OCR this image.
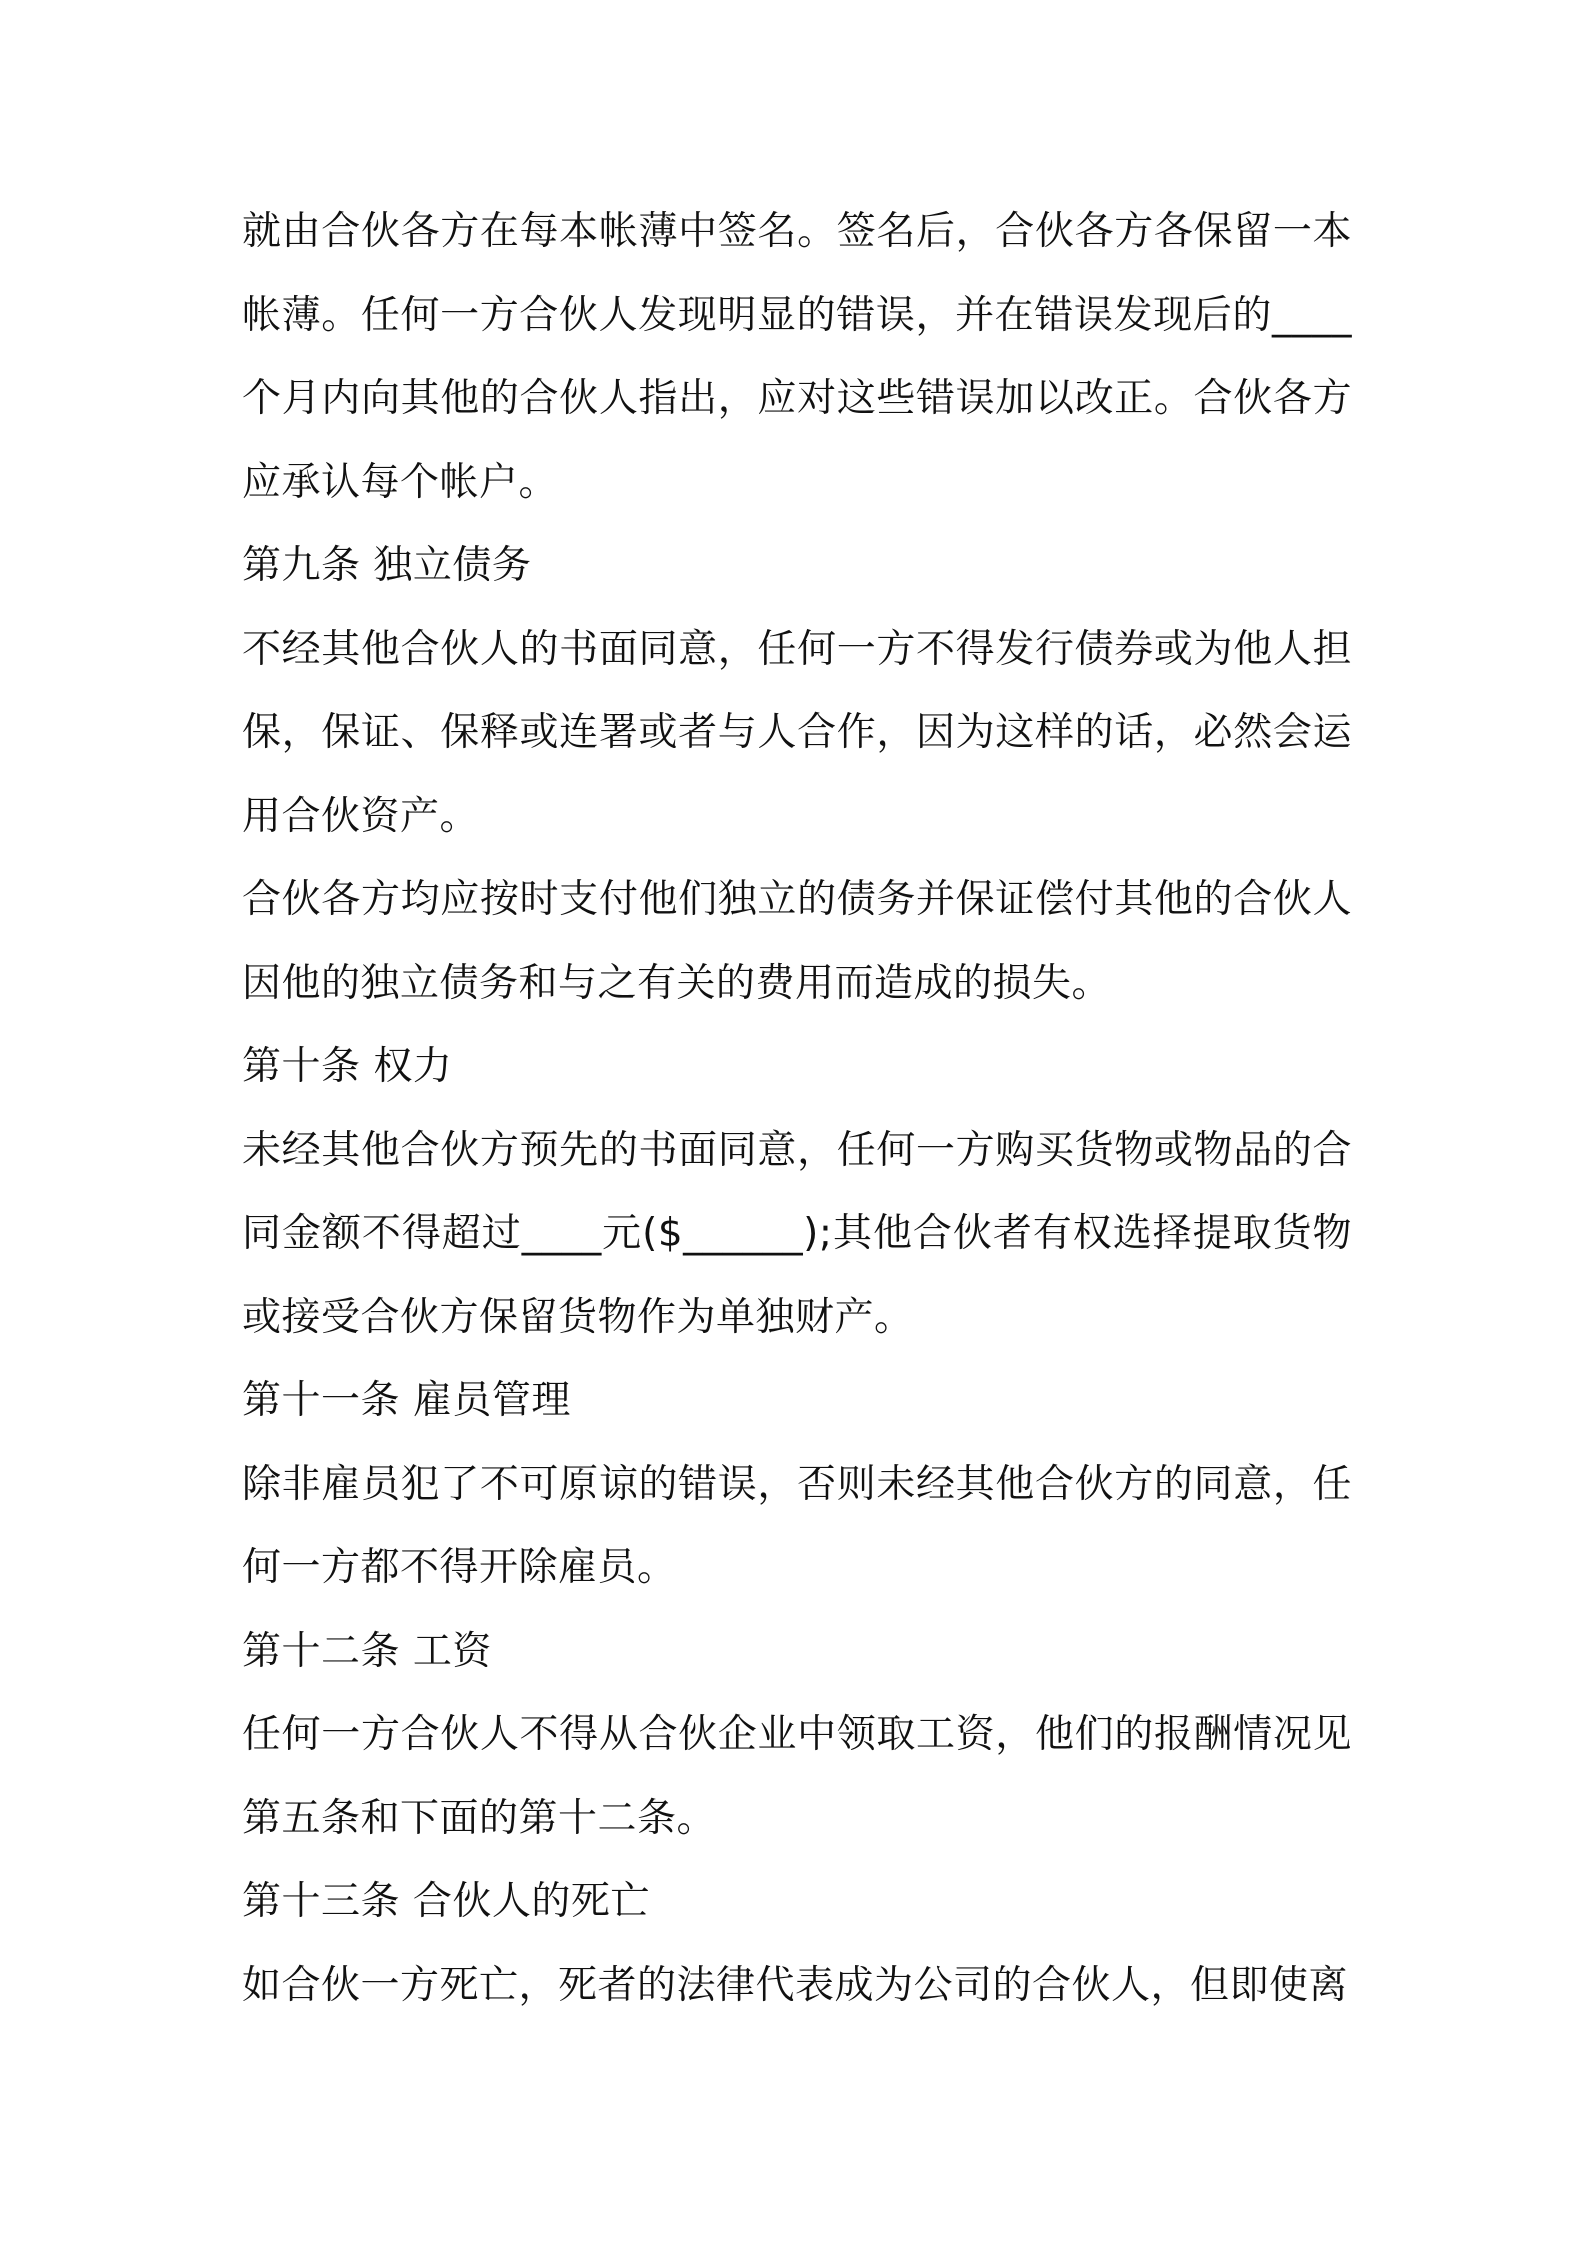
就由合伙各方在每本帐薄中签名。签名后，合伙各方各保留一本帐薄。任何一方合伙人发现明显的错误，并在错误发现后的____个月内向其他的合伙人指出，应对这些错误加以改正。合伙各方应承认每个帐户。

第九条 独立债务

不经其他合伙人的书面同意，任何一方不得发行债券或为他人担保，保证、保释或连署或者与人合作，因为这样的话，必然会运用合伙资产。

合伙各方均应按时支付他们独立的债务并保证偿付其他的合伙人因他的独立债务和与之有关的费用而造成的损失。

第十条 权力

未经其他合伙方预先的书面同意，任何一方购买货物或物品的合同金额不得超过____元($______);其他合伙者有权选择提取货物或接受合伙方保留货物作为单独财产。

第十一条 雇员管理

除非雇员犯了不可原谅的错误，否则未经其他合伙方的同意，任何一方都不得开除雇员。

第十二条 工资

任何一方合伙人不得从合伙企业中领取工资，他们的报酬情况见第五条和下面的第十二条。

第十三条 合伙人的死亡

如合伙一方死亡，死者的法律代表成为公司的合伙人，但即使离
